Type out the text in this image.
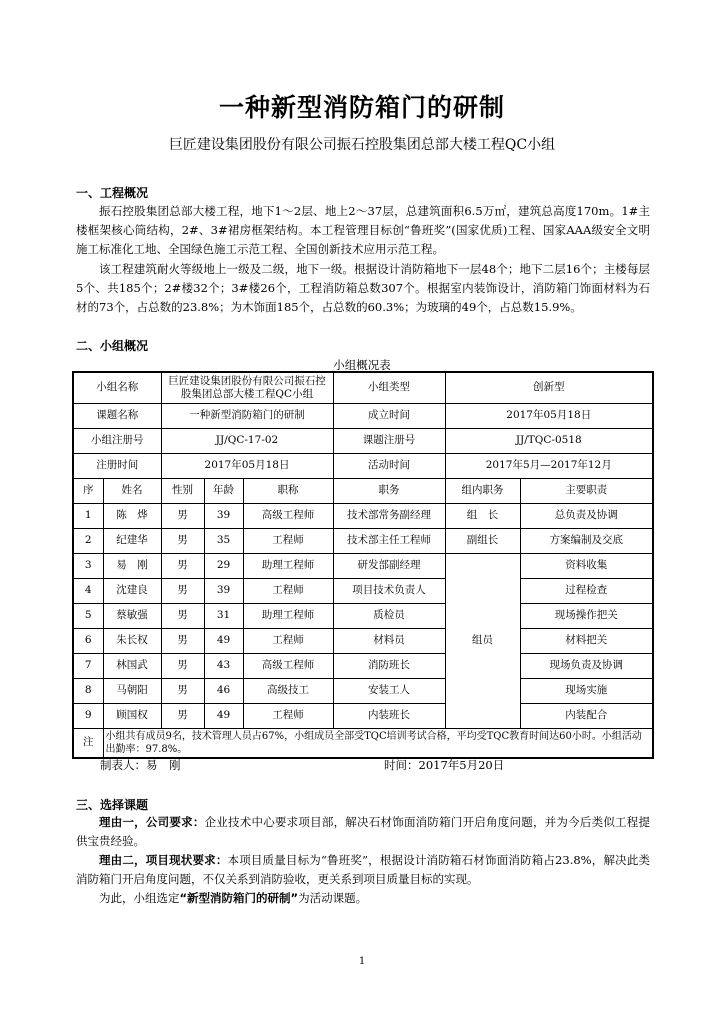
一种新型消防箱门的研制
巨匠建设集团股份有限公司振石控股集团总部大楼工程QC小组
一、工程概况
振石控股集团总部大楼工程，地下1～2层、地上2～37层，总建筑面积6.5万㎡，建筑总高度170m。1#主楼框架核心筒结构，2#、3#裙房框架结构。本工程管理目标创“鲁班奖”(国家优质)工程、国家AAA级安全文明施工标准化工地、全国绿色施工示范工程、全国创新技术应用示范工程。
该工程建筑耐火等级地上一级及二级，地下一级。根据设计消防箱地下一层48个；地下二层16个；主楼每层5个、共185个；2#楼32个；3#楼26个，工程消防箱总数307个。根据室内装饰设计，消防箱门饰面材料为石材的73个，占总数的23.8%；为木饰面185个，占总数的60.3%；为玻璃的49个，占总数15.9%。
二、小组概况
小组概况表
小组名称		巨匠建设集团股份有限公司振石控股集团总部大楼工程QC小组			小组类型	创新型	
课题名称		一种新型消防箱门的研制			成立时间	2017年05月18日	
小组注册号		JJ/QC-17-02			课题注册号	JJ/TQC-0518	
注册时间		2017年05月18日			活动时间	2017年5月—2017年12月	
序	姓名	性别	年龄	职称	职务	组内职务	主要职责
1	陈　烨	男	39	高级工程师	技术部常务副经理	组　长	总负责及协调
2	纪建华	男	35	工程师	技术部主任工程师	副组长	方案编制及交底
3	易　刚	男	29	助理工程师	研发部副经理	组员	资料收集
4	沈建良	男	39	工程师	项目技术负责人		过程检查
5	蔡敏强	男	31	助理工程师	质检员		现场操作把关
6	朱长权	男	49	工程师	材料员		材料把关
7	林国武	男	43	高级工程师	消防班长		现场负责及协调
8	马朝阳	男	46	高级技工	安装工人		现场实施
9	顾国权	男	49	工程师	内装班长		内装配合
注	小组共有成员9名，技术管理人员占67%，小组成员全部受TQC培训考试合格，平均受TQC教育时间达60小时。小组活动出勤率：97.8%。						
制表人：易　刚	时间：2017年5月20日
三、选择课题
理由一，公司要求：企业技术中心要求项目部，解决石材饰面消防箱门开启角度问题，并为今后类似工程提供宝贵经验。
理由二，项目现状要求：本项目质量目标为“鲁班奖”，根据设计消防箱石材饰面消防箱占23.8%，解决此类消防箱门开启角度问题，不仅关系到消防验收，更关系到项目质量目标的实现。
为此，小组选定“新型消防箱门的研制”为活动课题。
1
